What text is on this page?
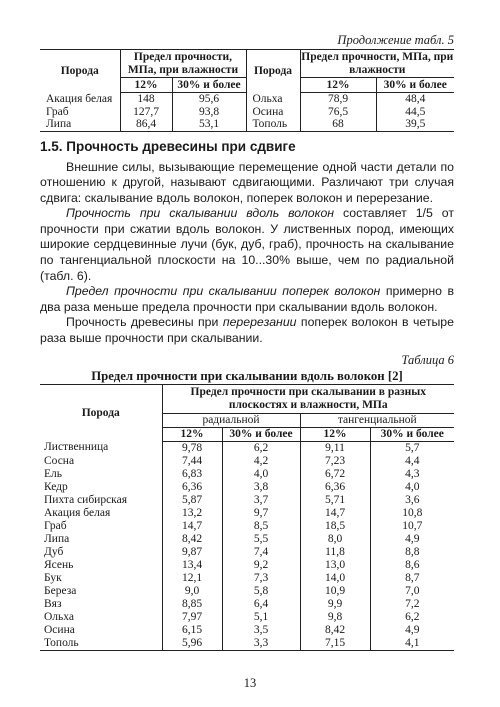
Продолжение табл. 5
Порода	Предел прочности, МПа, при влажности		Порода	Предел прочности, МПа, при влажности	
	12%	30% и более		12%	30% и более
Акация белая	148	95,6	Ольха	78,9	48,4
Граб	127,7	93,8	Осина	76,5	44,5
Липа	86,4	53,1	Тополь	68	39,5
1.5. Прочность древесины при сдвиге

Внешние силы, вызывающие перемещение одной части детали по отношению к другой, называют сдвигающими. Различают три случая сдвига: скалывание вдоль волокон, поперек волокон и перерезание.

Прочность при скалывании вдоль волокон составляет 1/5 от прочности при сжатии вдоль волокон. У лиственных пород, имеющих широкие сердцевинные лучи (бук, дуб, граб), прочность на скалывание по тангенциальной плоскости на 10...30% выше, чем по радиальной (табл. 6).

Предел прочности при скалывании поперек волокон примерно в два раза меньше предела прочности при скалывании вдоль волокон.

Прочность древесины при перерезании поперек волокон в четыре раза выше прочности при скалывании.

Таблица 6
Предел прочности при скалывании вдоль волокон [2]
Порода	Предел прочности при скалывании в разных плоскостях и влажности, МПа			
	радиальной		тангенциальной	
	12%	30% и более	12%	30% и более
Лиственница	9,78	6,2	9,11	5,7
Сосна	7,44	4,2	7,23	4,4
Ель	6,83	4,0	6,72	4,3
Кедр	6,36	3,8	6,36	4,0
Пихта сибирская	5,87	3,7	5,71	3,6
Акация белая	13,2	9,7	14,7	10,8
Граб	14,7	8,5	18,5	10,7
Липа	8,42	5,5	8,0	4,9
Дуб	9,87	7,4	11,8	8,8
Ясень	13,4	9,2	13,0	8,6
Бук	12,1	7,3	14,0	8,7
Береза	9,0	5,8	10,9	7,0
Вяз	8,85	6,4	9,9	7,2
Ольха	7,97	5,1	9,8	6,2
Осина	6,15	3,5	8,42	4,9
Тополь	5,96	3,3	7,15	4,1
13
